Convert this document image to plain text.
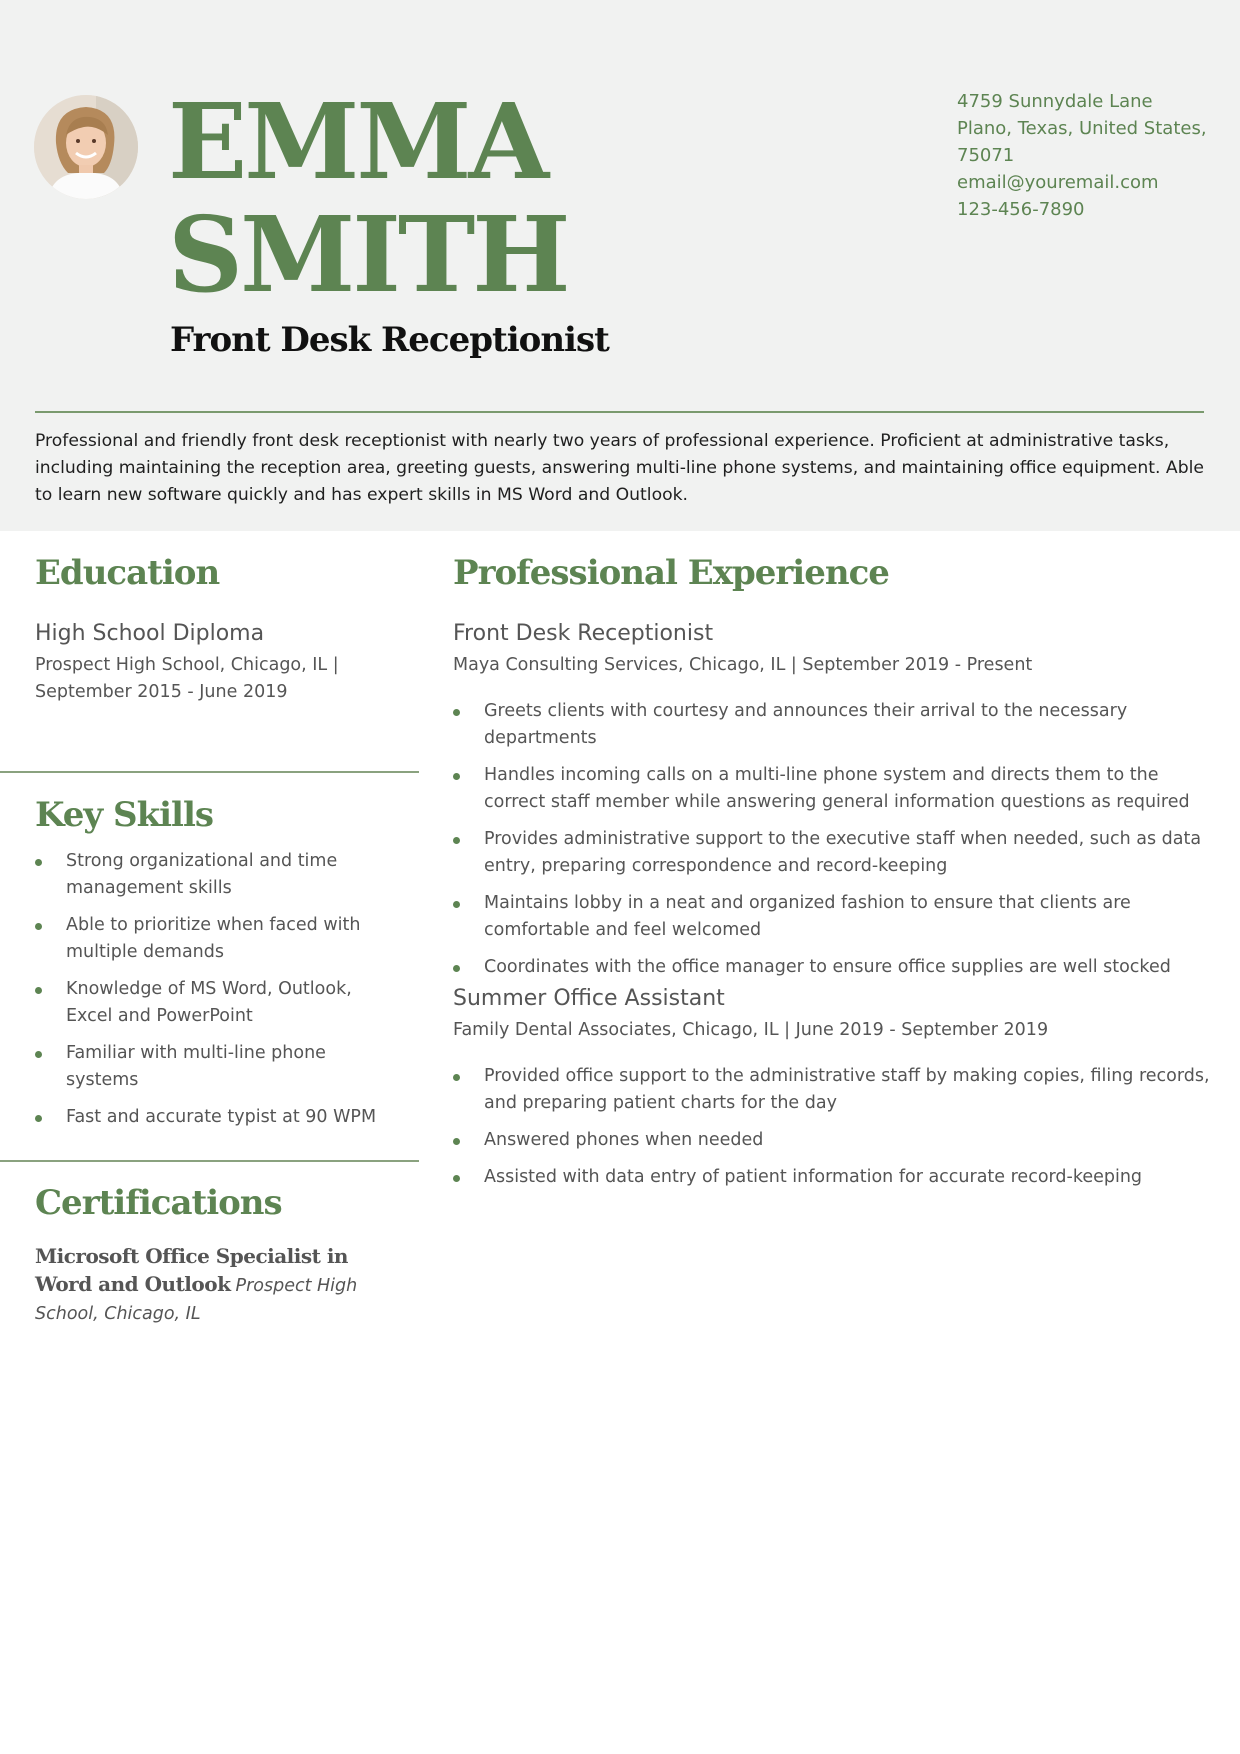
EMMA
SMITH
Front Desk Receptionist
4759 Sunnydale Lane
Plano, Texas, United States,
75071
email@youremail.com
123-456-7890

Professional and friendly front desk receptionist with nearly two years of professional experience. Proficient at administrative tasks, including maintaining the reception area, greeting guests, answering multi-line phone systems, and maintaining office equipment. Able to learn new software quickly and has expert skills in MS Word and Outlook.

Education
High School Diploma
Prospect High School, Chicago, IL |
September 2015 - June 2019
Key Skills
Strong organizational and time management skills
Able to prioritize when faced with multiple demands
Knowledge of MS Word, Outlook, Excel and PowerPoint
Familiar with multi-line phone systems
Fast and accurate typist at 90 WPM
Certifications
Microsoft Office Specialist in Word and Outlook Prospect High School, Chicago, IL
Professional Experience
Front Desk Receptionist
Maya Consulting Services, Chicago, IL | September 2019 - Present
Greets clients with courtesy and announces their arrival to the necessary departments
Handles incoming calls on a multi-line phone system and directs them to the correct staff member while answering general information questions as required
Provides administrative support to the executive staff when needed, such as data entry, preparing correspondence and record-keeping
Maintains lobby in a neat and organized fashion to ensure that clients are comfortable and feel welcomed
Coordinates with the office manager to ensure office supplies are well stocked
Summer Office Assistant
Family Dental Associates, Chicago, IL | June 2019 - September 2019
Provided office support to the administrative staff by making copies, filing records, and preparing patient charts for the day
Answered phones when needed
Assisted with data entry of patient information for accurate record-keeping
